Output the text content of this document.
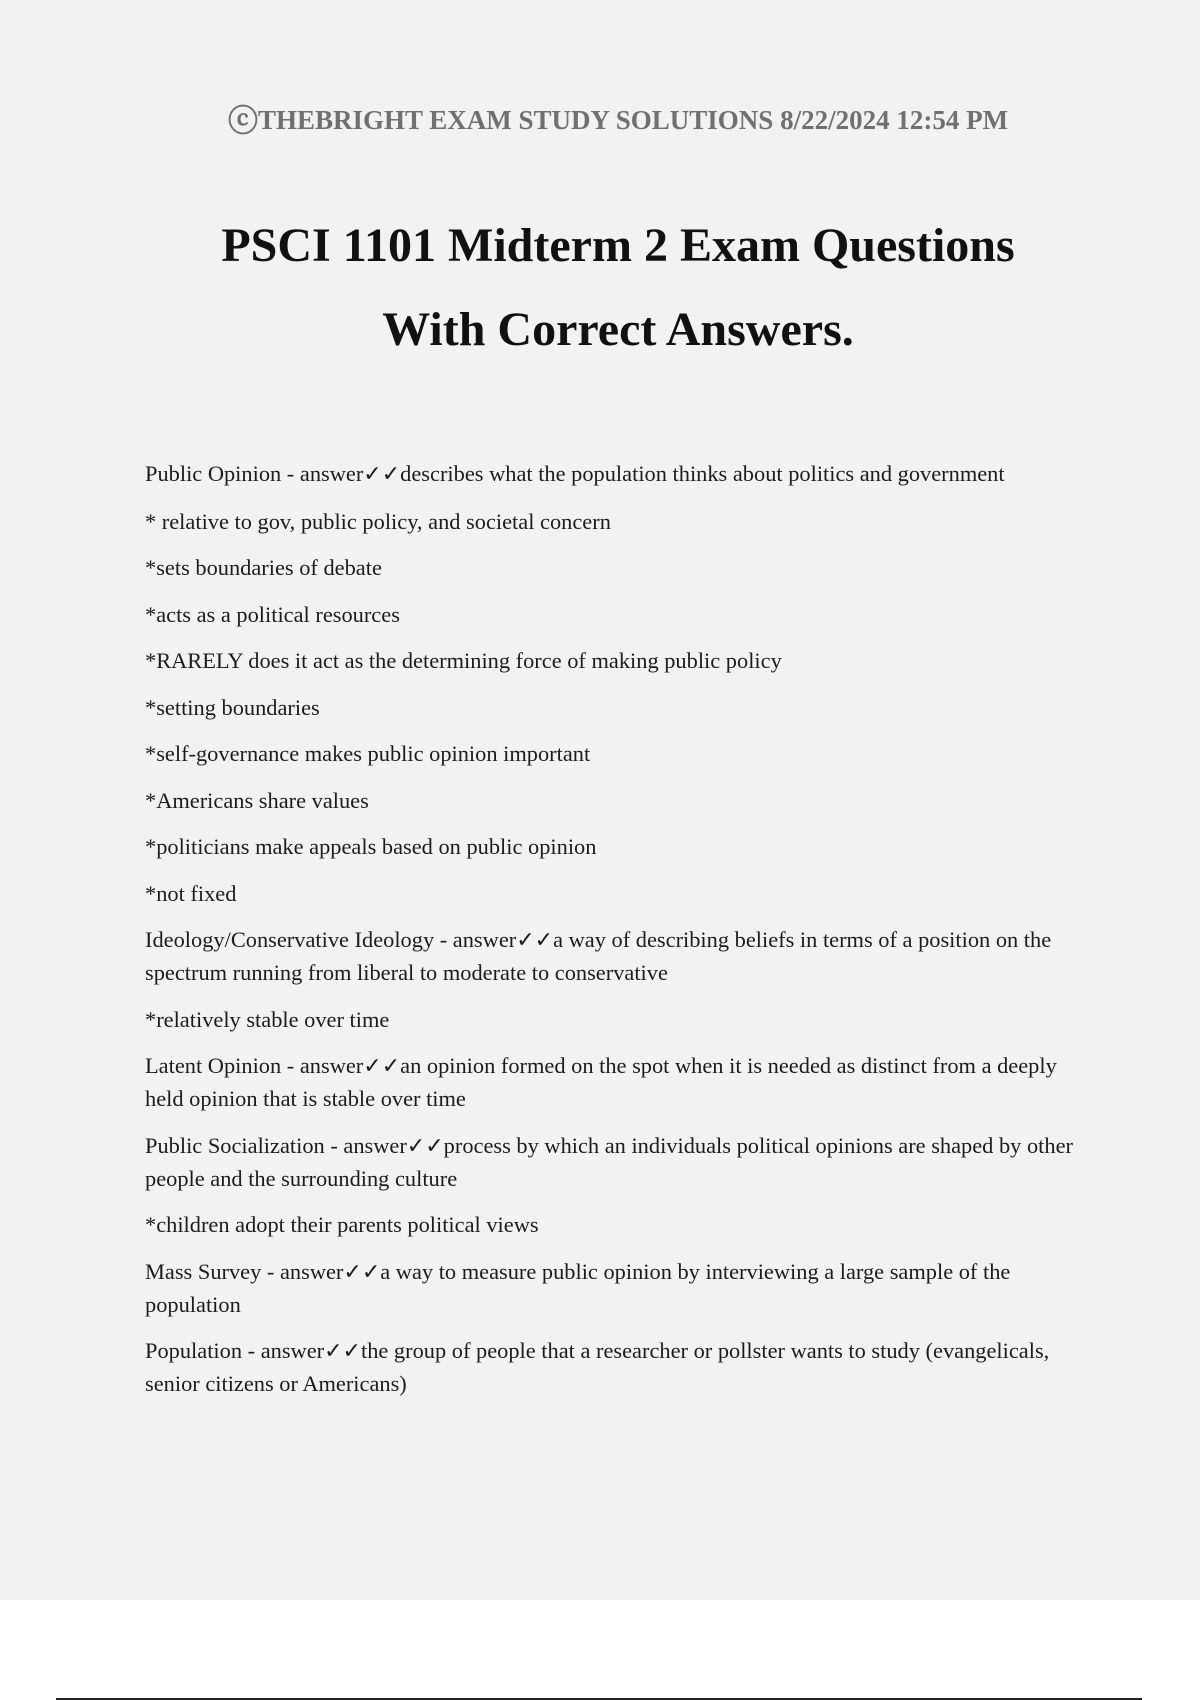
ⓒTHEBRIGHT EXAM STUDY SOLUTIONS 8/22/2024 12:54 PM
PSCI 1101 Midterm 2 Exam Questions
With Correct Answers.

Public Opinion - answer✓✓describes what the population thinks about politics and government

* relative to gov, public policy, and societal concern

*sets boundaries of debate

*acts as a political resources

*RARELY does it act as the determining force of making public policy

*setting boundaries

*self-governance makes public opinion important

*Americans share values

*politicians make appeals based on public opinion

*not fixed

Ideology/Conservative Ideology - answer✓✓a way of describing beliefs in terms of a position on the spectrum running from liberal to moderate to conservative

*relatively stable over time

Latent Opinion - answer✓✓an opinion formed on the spot when it is needed as distinct from a deeply held opinion that is stable over time

Public Socialization - answer✓✓process by which an individuals political opinions are shaped by other people and the surrounding culture

*children adopt their parents political views

Mass Survey - answer✓✓a way to measure public opinion by interviewing a large sample of the population

Population - answer✓✓the group of people that a researcher or pollster wants to study (evangelicals, senior citizens or Americans)
